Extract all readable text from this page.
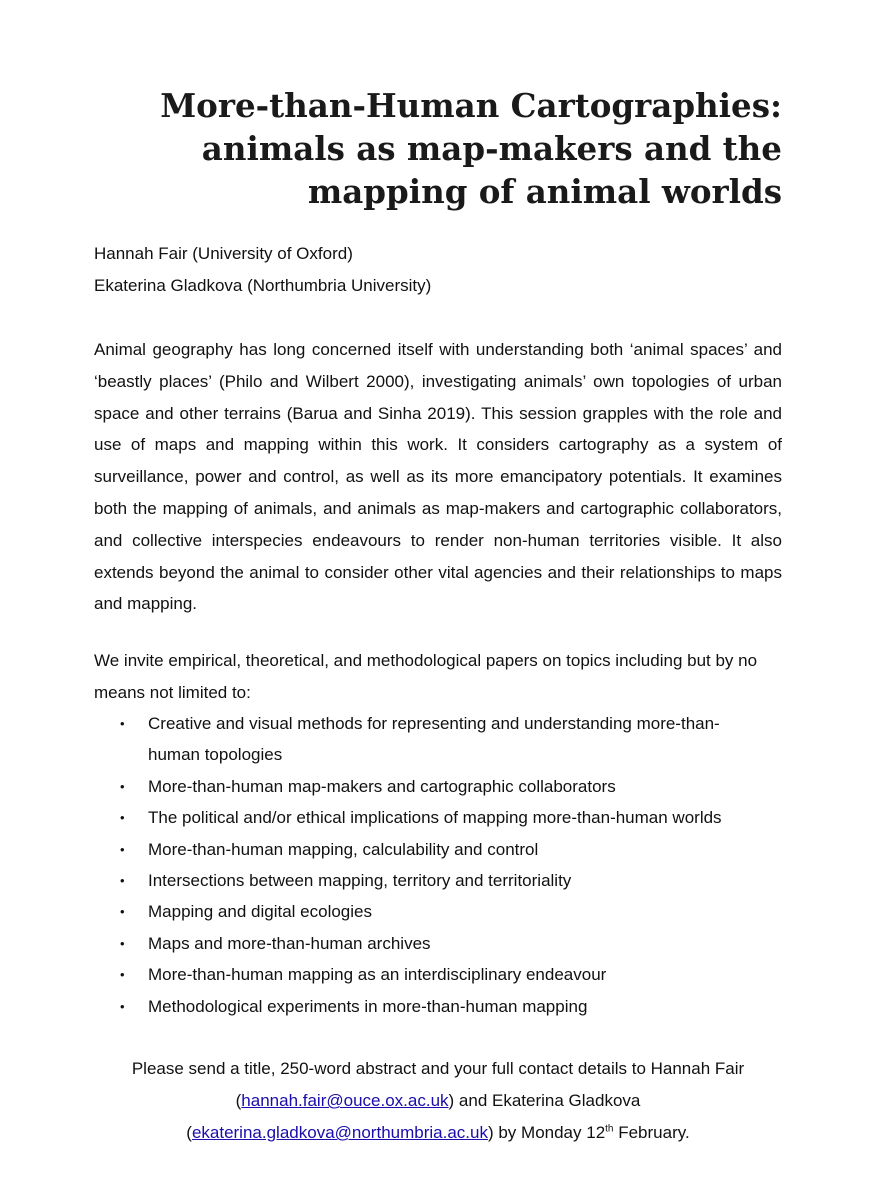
More-than-Human Cartographies:
animals as map-makers and the
mapping of animal worlds
Hannah Fair (University of Oxford)
Ekaterina Gladkova (Northumbria University)

Animal geography has long concerned itself with understanding both ‘animal spaces’ and ‘beastly places’ (Philo and Wilbert 2000), investigating animals’ own topologies of urban space and other terrains (Barua and Sinha 2019). This session grapples with the role and use of maps and mapping within this work. It considers cartography as a system of surveillance, power and control, as well as its more emancipatory potentials. It examines both the mapping of animals, and animals as map-makers and cartographic collaborators, and collective interspecies endeavours to render non-human territories visible. It also extends beyond the animal to consider other vital agencies and their relationships to maps and mapping.

We invite empirical, theoretical, and methodological papers on topics including but by no means not limited to:

• Creative and visual methods for representing and understanding more-than-human topologies
• More-than-human map-makers and cartographic collaborators
• The political and/or ethical implications of mapping more-than-human worlds
• More-than-human mapping, calculability and control
• Intersections between mapping, territory and territoriality
• Mapping and digital ecologies
• Maps and more-than-human archives
• More-than-human mapping as an interdisciplinary endeavour
• Methodological experiments in more-than-human mapping

Please send a title, 250-word abstract and your full contact details to Hannah Fair
(hannah.fair@ouce.ox.ac.uk) and Ekaterina Gladkova
(ekaterina.gladkova@northumbria.ac.uk) by Monday 12th February.
